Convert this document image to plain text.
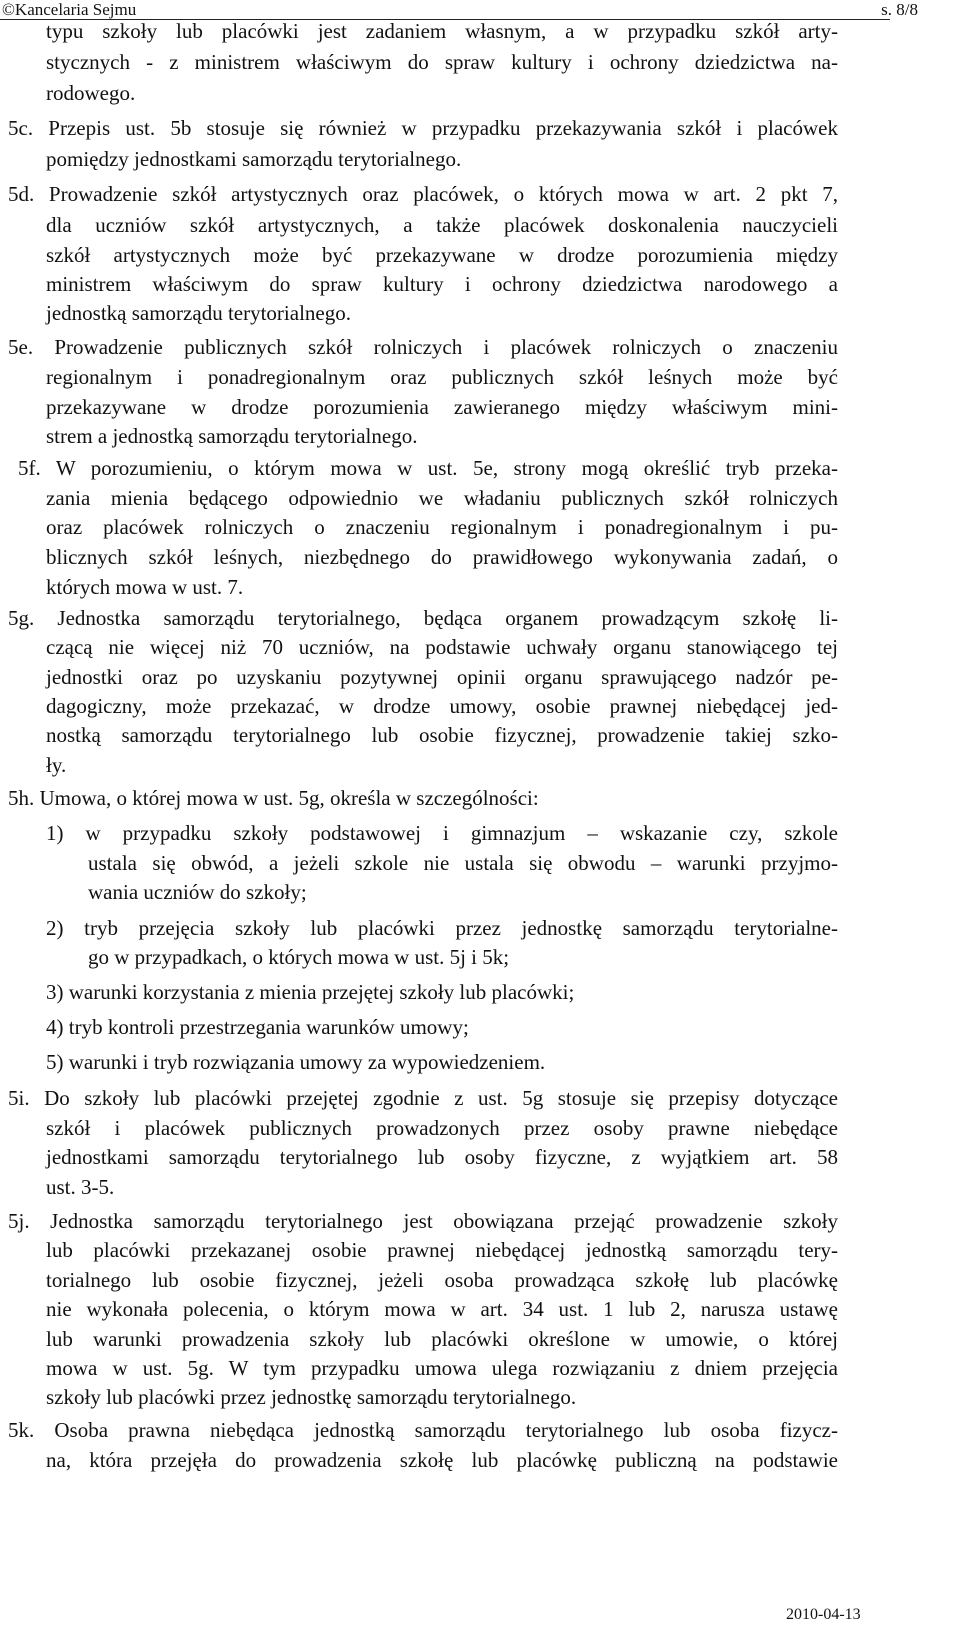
©Kancelaria Sejmu	s. 8/8
typu szkoły lub placówki jest zadaniem własnym, a w przypadku szkół arty-
stycznych - z ministrem właściwym do spraw kultury i ochrony dziedzictwa na-
rodowego.
5c. Przepis ust. 5b stosuje się również w przypadku przekazywania szkół i placówek
pomiędzy jednostkami samorządu terytorialnego.
5d. Prowadzenie szkół artystycznych oraz placówek, o których mowa w art. 2 pkt 7,
dla uczniów szkół artystycznych, a także placówek doskonalenia nauczycieli
szkół artystycznych może być przekazywane w drodze porozumienia między
ministrem właściwym do spraw kultury i ochrony dziedzictwa narodowego a
jednostką samorządu terytorialnego.
5e. Prowadzenie publicznych szkół rolniczych i placówek rolniczych o znaczeniu
regionalnym i ponadregionalnym oraz publicznych szkół leśnych może być
przekazywane w drodze porozumienia zawieranego między właściwym mini-
strem a jednostką samorządu terytorialnego.
5f. W porozumieniu, o którym mowa w ust. 5e, strony mogą określić tryb przeka-
zania mienia będącego odpowiednio we władaniu publicznych szkół rolniczych
oraz placówek rolniczych o znaczeniu regionalnym i ponadregionalnym i pu-
blicznych szkół leśnych, niezbędnego do prawidłowego wykonywania zadań, o
których mowa w ust. 7.
5g. Jednostka samorządu terytorialnego, będąca organem prowadzącym szkołę li-
czącą nie więcej niż 70 uczniów, na podstawie uchwały organu stanowiącego tej
jednostki oraz po uzyskaniu pozytywnej opinii organu sprawującego nadzór pe-
dagogiczny, może przekazać, w drodze umowy, osobie prawnej niebędącej jed-
nostką samorządu terytorialnego lub osobie fizycznej, prowadzenie takiej szko-
ły.
5h. Umowa, o której mowa w ust. 5g, określa w szczególności:
1) w przypadku szkoły podstawowej i gimnazjum – wskazanie czy, szkole
ustala się obwód, a jeżeli szkole nie ustala się obwodu – warunki przyjmo-
wania uczniów do szkoły;
2) tryb przejęcia szkoły lub placówki przez jednostkę samorządu terytorialne-
go w przypadkach, o których mowa w ust. 5j i 5k;
3) warunki korzystania z mienia przejętej szkoły lub placówki;
4) tryb kontroli przestrzegania warunków umowy;
5) warunki i tryb rozwiązania umowy za wypowiedzeniem.
5i. Do szkoły lub placówki przejętej zgodnie z ust. 5g stosuje się przepisy dotyczące
szkół i placówek publicznych prowadzonych przez osoby prawne niebędące
jednostkami samorządu terytorialnego lub osoby fizyczne, z wyjątkiem art. 58
ust. 3-5.
5j. Jednostka samorządu terytorialnego jest obowiązana przejąć prowadzenie szkoły
lub placówki przekazanej osobie prawnej niebędącej jednostką samorządu tery-
torialnego lub osobie fizycznej, jeżeli osoba prowadząca szkołę lub placówkę
nie wykonała polecenia, o którym mowa w art. 34 ust. 1 lub 2, narusza ustawę
lub warunki prowadzenia szkoły lub placówki określone w umowie, o której
mowa w ust. 5g. W tym przypadku umowa ulega rozwiązaniu z dniem przejęcia
szkoły lub placówki przez jednostkę samorządu terytorialnego.
5k. Osoba prawna niebędąca jednostką samorządu terytorialnego lub osoba fizycz-
na, która przejęła do prowadzenia szkołę lub placówkę publiczną na podstawie
2010-04-13
